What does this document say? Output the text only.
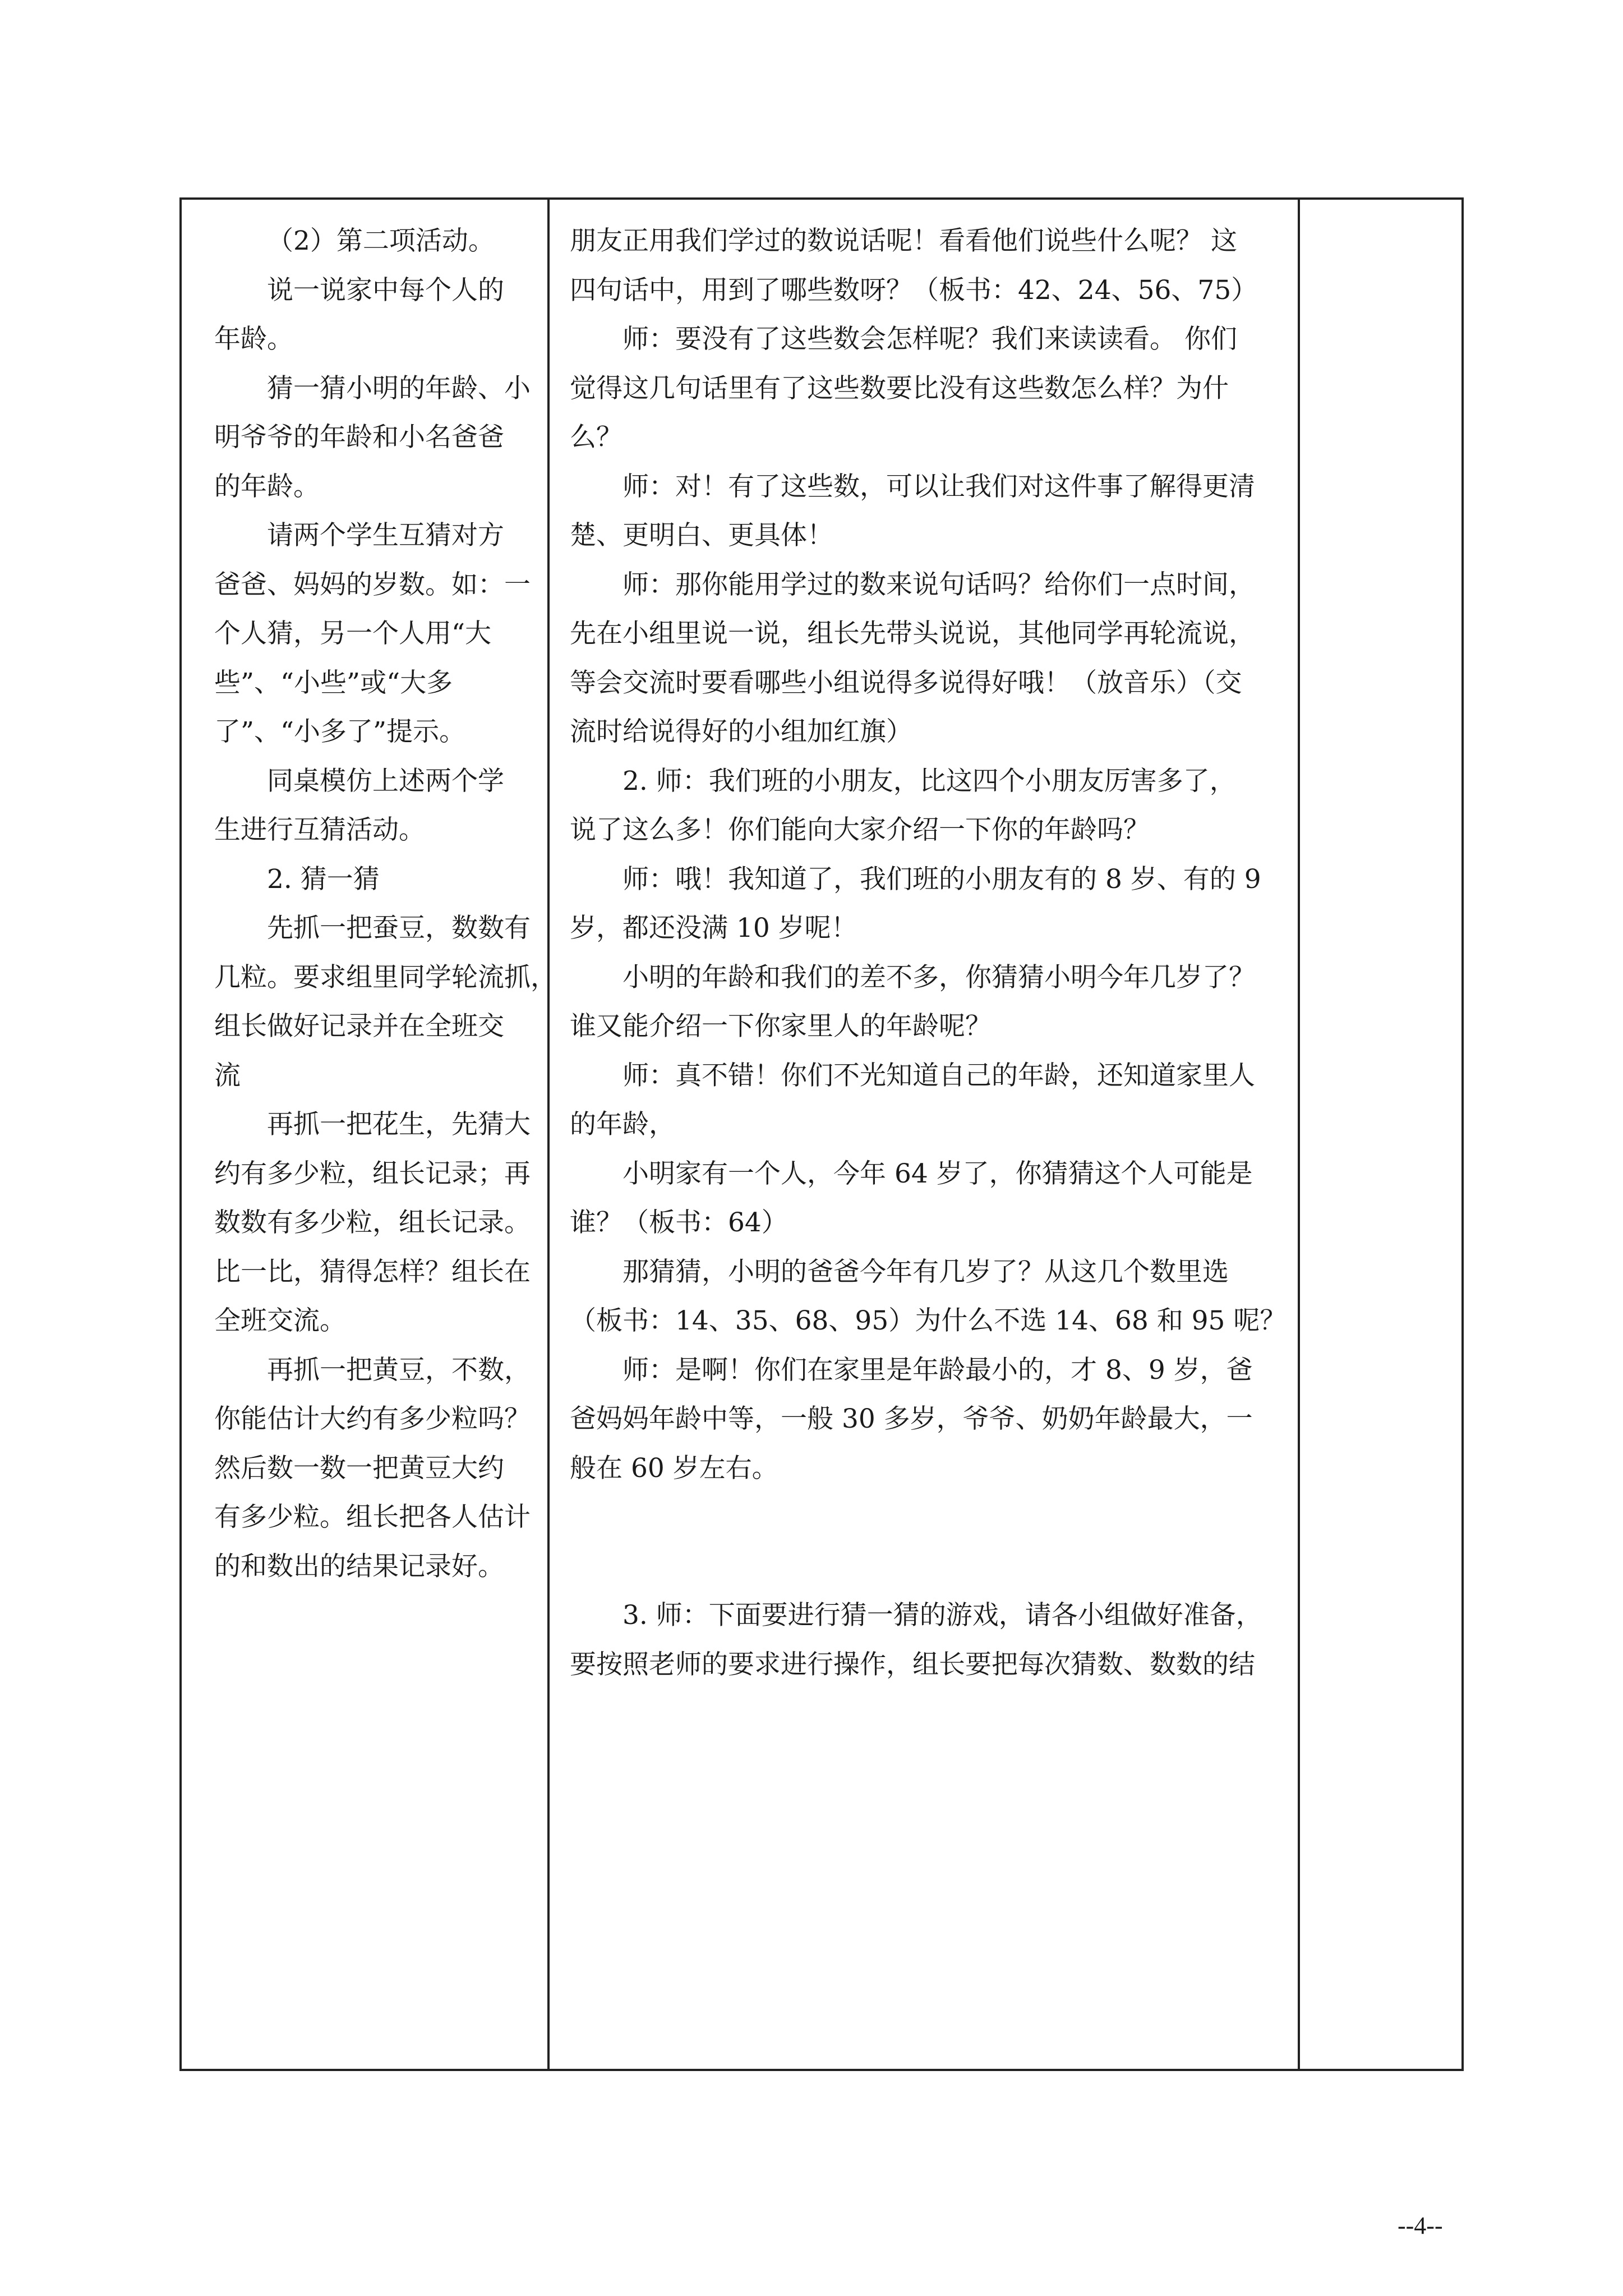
（2）第二项活动。
说一说家中每个人的
年龄。
猜一猜小明的年龄、小
明爷爷的年龄和小名爸爸
的年龄。
请两个学生互猜对方
爸爸、妈妈的岁数。如：一
个人猜，另一个人用“大
些”、“小些”或“大多
了”、“小多了”提示。
同桌模仿上述两个学
生进行互猜活动。
2. 猜一猜
先抓一把蚕豆，数数有
几粒。要求组里同学轮流抓，
组长做好记录并在全班交
流
再抓一把花生，先猜大
约有多少粒，组长记录；再
数数有多少粒，组长记录。
比一比，猜得怎样？组长在
全班交流。
再抓一把黄豆，不数，
你能估计大约有多少粒吗？
然后数一数一把黄豆大约
有多少粒。组长把各人估计
的和数出的结果记录好。
朋友正用我们学过的数说话呢！看看他们说些什么呢？ 这
四句话中，用到了哪些数呀？（板书：42、24、56、75）
师：要没有了这些数会怎样呢？我们来读读看。 你们
觉得这几句话里有了这些数要比没有这些数怎么样？为什
么？
师：对！有了这些数，可以让我们对这件事了解得更清
楚、更明白、更具体！
师：那你能用学过的数来说句话吗？给你们一点时间，
先在小组里说一说，组长先带头说说，其他同学再轮流说，
等会交流时要看哪些小组说得多说得好哦！（放音乐）（交
流时给说得好的小组加红旗）
2. 师：我们班的小朋友，比这四个小朋友厉害多了，
说了这么多！你们能向大家介绍一下你的年龄吗？
师：哦！我知道了，我们班的小朋友有的 8 岁、有的 9
岁，都还没满 10 岁呢！
小明的年龄和我们的差不多，你猜猜小明今年几岁了？
谁又能介绍一下你家里人的年龄呢？
师：真不错！你们不光知道自己的年龄，还知道家里人
的年龄，
小明家有一个人，今年 64 岁了，你猜猜这个人可能是
谁？（板书：64）
那猜猜，小明的爸爸今年有几岁了？从这几个数里选
（板书：14、35、68、95）为什么不选 14、68 和 95 呢？
师：是啊！你们在家里是年龄最小的，才 8、9 岁，爸
爸妈妈年龄中等，一般 30 多岁，爷爷、奶奶年龄最大，一
般在 60 岁左右。
3. 师：下面要进行猜一猜的游戏，请各小组做好准备，
要按照老师的要求进行操作，组长要把每次猜数、数数的结
--4--
